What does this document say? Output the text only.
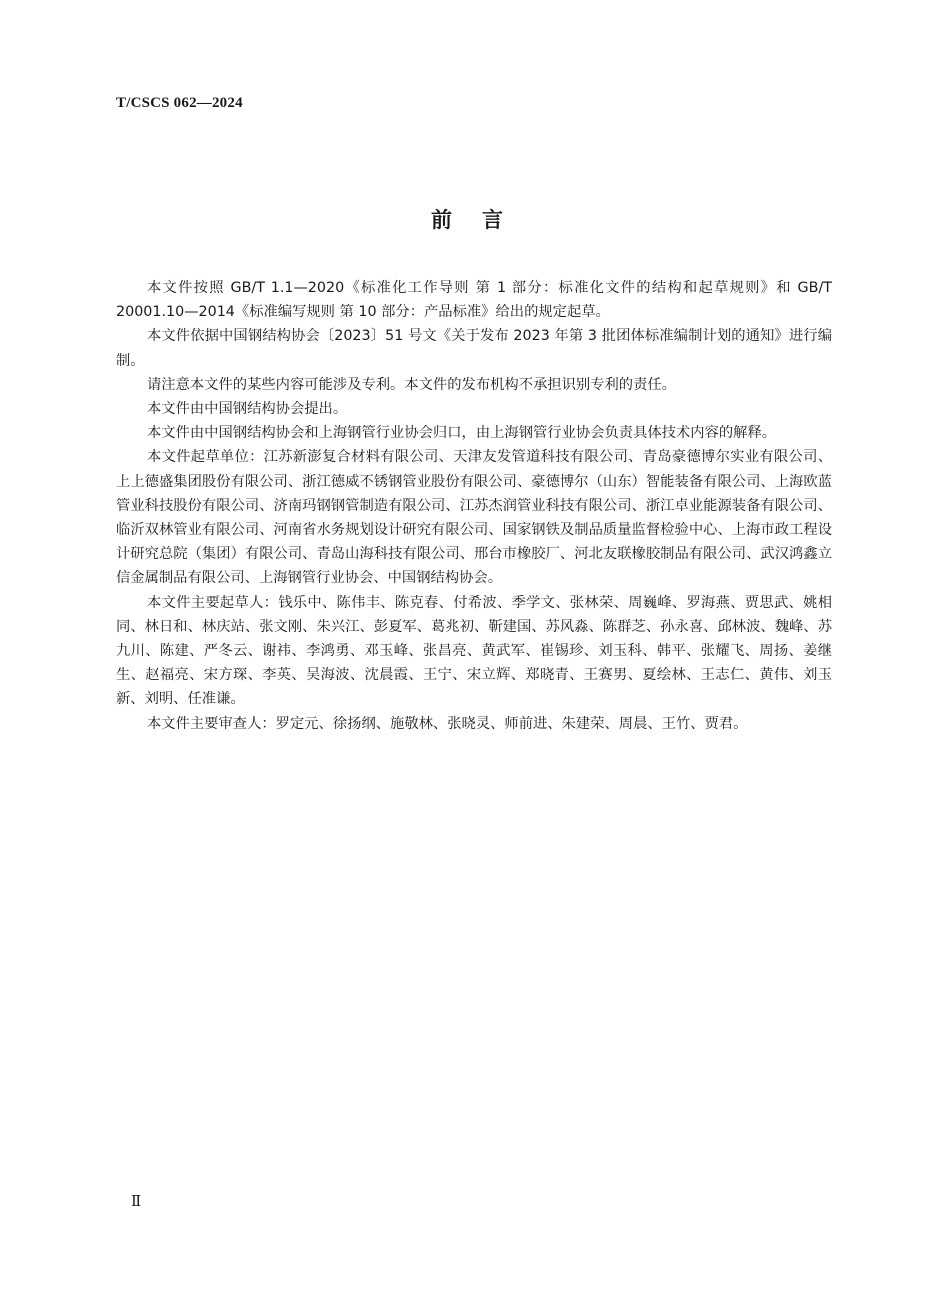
T/CSCS 062—2024
前言

本文件按照 GB/T 1.1—2020《标准化工作导则 第 1 部分：标准化文件的结构和起草规则》和 GB/T 20001.10—2014《标准编写规则 第 10 部分：产品标准》给出的规定起草。

本文件依据中国钢结构协会〔2023〕51 号文《关于发布 2023 年第 3 批团体标准编制计划的通知》进行编制。

请注意本文件的某些内容可能涉及专利。本文件的发布机构不承担识别专利的责任。

本文件由中国钢结构协会提出。

本文件由中国钢结构协会和上海钢管行业协会归口，由上海钢管行业协会负责具体技术内容的解释。

本文件起草单位：江苏新澎复合材料有限公司、天津友发管道科技有限公司、青岛豪德博尔实业有限公司、上上德盛集团股份有限公司、浙江德威不锈钢管业股份有限公司、豪德博尔（山东）智能装备有限公司、上海欧蓝管业科技股份有限公司、济南玛钢钢管制造有限公司、江苏杰润管业科技有限公司、浙江卓业能源装备有限公司、临沂双林管业有限公司、河南省水务规划设计研究有限公司、国家钢铁及制品质量监督检验中心、上海市政工程设计研究总院（集团）有限公司、青岛山海科技有限公司、邢台市橡胶厂、河北友联橡胶制品有限公司、武汉鸿鑫立信金属制品有限公司、上海钢管行业协会、中国钢结构协会。

本文件主要起草人：钱乐中、陈伟丰、陈克春、付希波、季学文、张林荣、周巍峰、罗海燕、贾思武、姚相同、林日和、林庆站、张文刚、朱兴江、彭夏军、葛兆初、靳建国、苏风淼、陈群芝、孙永喜、邱林波、魏峰、苏九川、陈建、严冬云、谢祎、李鸿勇、邓玉峰、张昌亮、黄武军、崔锡珍、刘玉科、韩平、张耀飞、周扬、姜继生、赵福亮、宋方琛、李英、吴海波、沈晨霞、王宁、宋立辉、郑晓青、王赛男、夏绘林、王志仁、黄伟、刘玉新、刘明、任准谦。

本文件主要审查人：罗定元、徐扬纲、施敬林、张晓灵、师前进、朱建荣、周晨、王竹、贾君。

Ⅱ
